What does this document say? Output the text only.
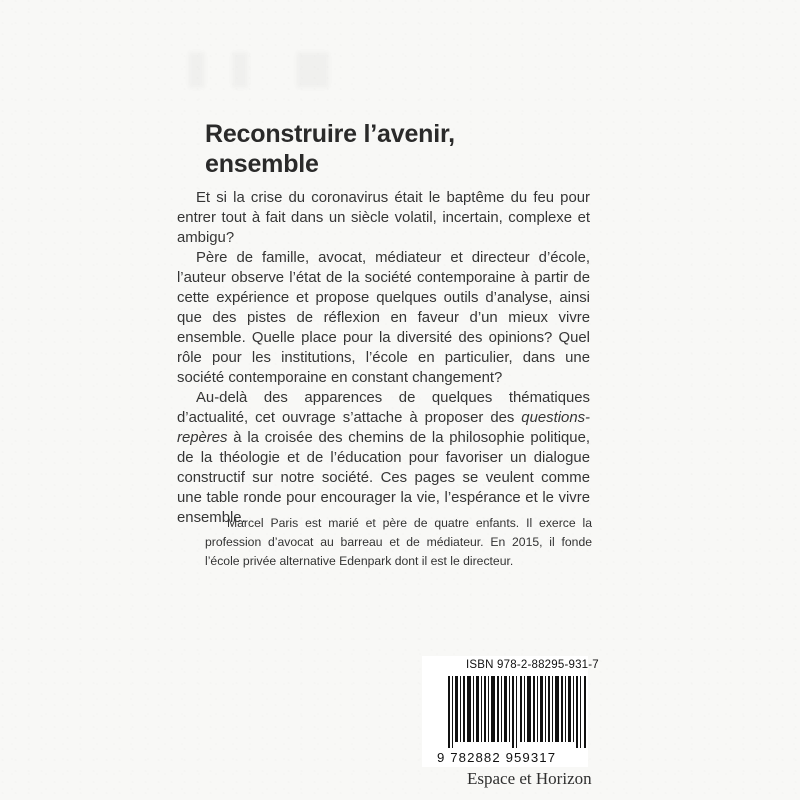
Reconstruire l’avenir,
ensemble

Et si la crise du coronavirus était le baptême du feu pour entrer tout à fait dans un siècle volatil, incertain, complexe et ambigu?

Père de famille, avocat, médiateur et directeur d’école, l’auteur observe l’état de la société contemporaine à partir de cette expérience et propose quelques outils d’analyse, ainsi que des pistes de réflexion en faveur d’un mieux vivre ensemble. Quelle place pour la diversité des opinions? Quel rôle pour les institutions, l’école en particulier, dans une société contemporaine en constant changement?

Au-delà des apparences de quelques thématiques d’actualité, cet ouvrage s’attache à proposer des questions-repères à la croisée des chemins de la philosophie politique, de la théologie et de l’éducation pour favoriser un dialogue constructif sur notre société. Ces pages se veulent comme une table ronde pour encourager la vie, l’espérance et le vivre ensemble.

Marcel Paris est marié et père de quatre enfants. Il exerce la profession d’avocat au barreau et de médiateur. En 2015, il fonde l’école privée alternative Edenpark dont il est le directeur.

ISBN 978-2-88295-931-7
9 782882 959317
Espace et Horizon
